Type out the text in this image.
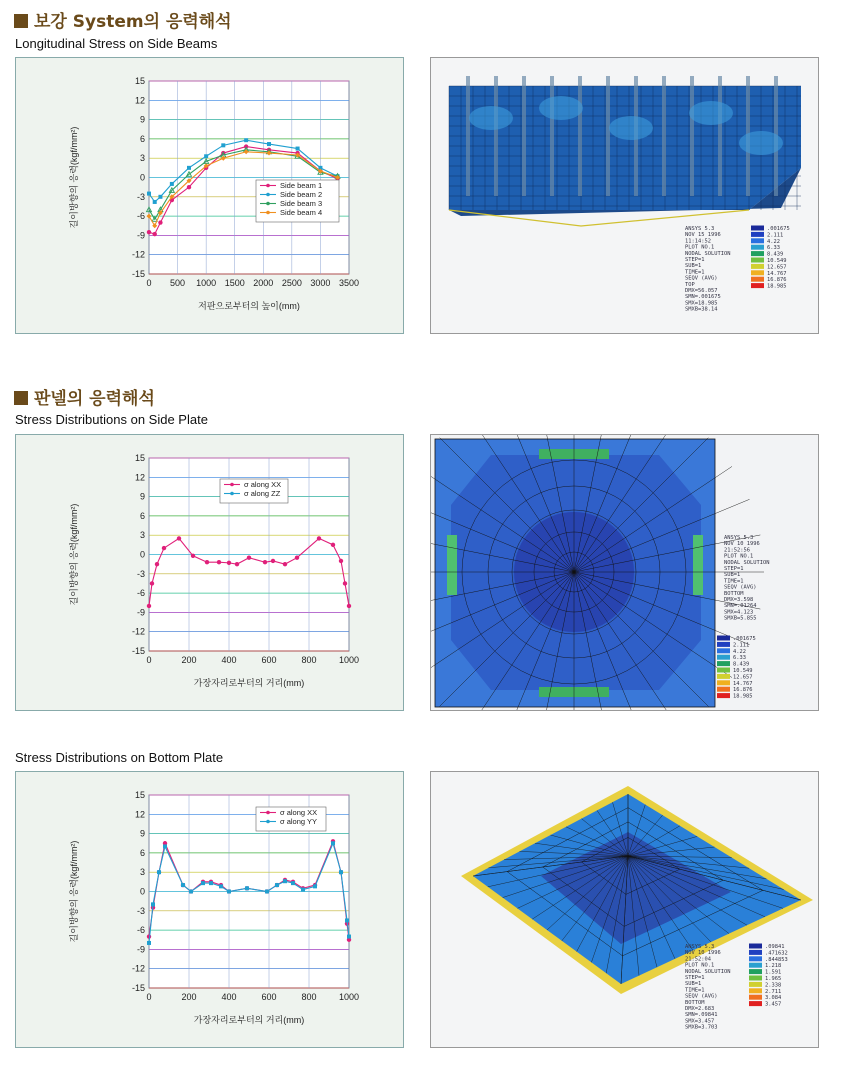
보강 System의 응력해석
Longitudinal Stress on Side Beams
15
12
9
6
3
0
-3
-6
-9
-12
-15
0 500 1000 1500 2000 2500 3000 3500
저판으로부터의 높이(mm)
길이방향의 응력(kgf/mm²)	Side beam 1
Side beam 2
Side beam 3
Side beam 4
ANSYS 5.3
NOV 15 1996
11:14:52
PLOT NO.1
NODAL SOLUTION
STEP=1
SUB=1
TIME=1
SEQV (AVG)
TOP
DMX=56.057
SMN=.001675
SMX=18.985
SMXB=38.14
.001675
2.111
4.22
6.33
8.439
10.549
12.657
14.767
16.876
18.985
판넬의 응력해석
Stress Distributions on Side Plate
15
12
9
6
3
0
-3
-6
-9
-12
-15
0	200	400	600	800 1000
가장자리로부터의 거리(mm)
길이방향의 응력(kgf/mm²)
σ along XX
σ along ZZ
ANSYS 5.3
NOV 10 1996
21:52:56
PLOT NO.1
NODAL SOLUTION
STEP=1
SUB=1
TIME=1
SEQV (AVG)
BOTTOM
DMX=3.598
SMN=.01264
SMX=4.123
SMXB=5.855
.001675
2.111
4.22
6.33
8.439
10.549
12.657
14.767
16.876
18.985
Stress Distributions on Bottom Plate
15
12
9
6
3
0
-3
-6
-9
-12
-15
0	200	400	600	800 1000
가장자리로부터의 거리(mm)
길이방향의 응력(kgf/mm²)
σ along XX
σ along YY
ANSYS 5.3
NOV 10 1996
21:52:04
PLOT NO.1
NODAL SOLUTION
STEP=1
SUB=1
TIME=1
SEQV (AVG)
BOTTOM
DMX=2.683
SMN=.09841
SMX=3.457
SMXB=3.703
.09841
.471632
.844853
1.218
1.591
1.965
2.338
2.711
3.084
3.457
